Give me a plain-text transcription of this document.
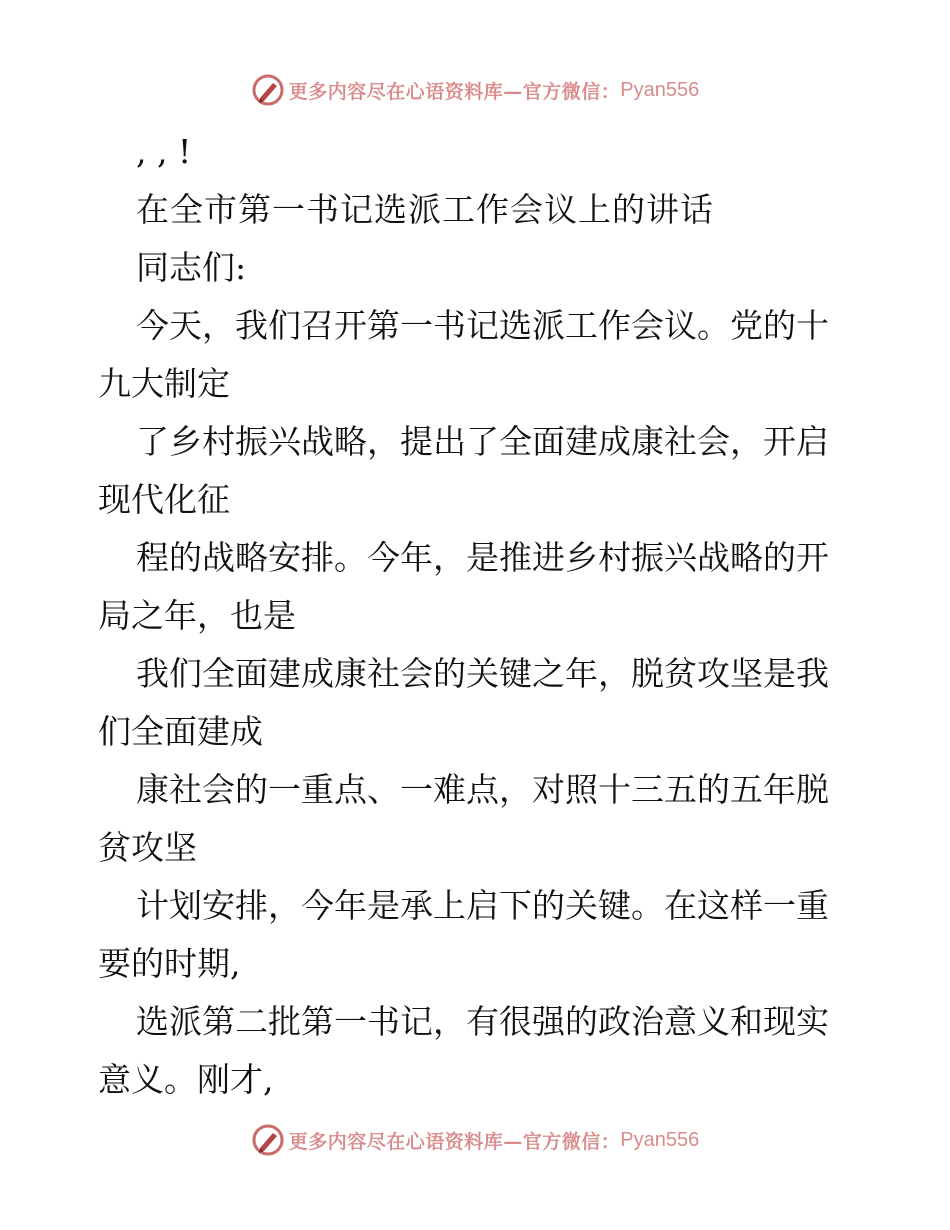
更多内容尽在心语资料库—官方微信： Pyan556
, , !
在全市第一书记选派工作会议上的讲话
同志们:
今天，我们召开第一书记选派工作会议。党的十
九大制定
了乡村振兴战略，提出了全面建成康社会，开启
现代化征
程的战略安排。今年，是推进乡村振兴战略的开
局之年，也是
我们全面建成康社会的关键之年，脱贫攻坚是我
们全面建成
康社会的一重点、一难点，对照十三五的五年脱
贫攻坚
计划安排，今年是承上启下的关键。在这样一重
要的时期,
选派第二批第一书记，有很强的政治意义和现实
意义。刚才,
更多内容尽在心语资料库—官方微信： Pyan556
